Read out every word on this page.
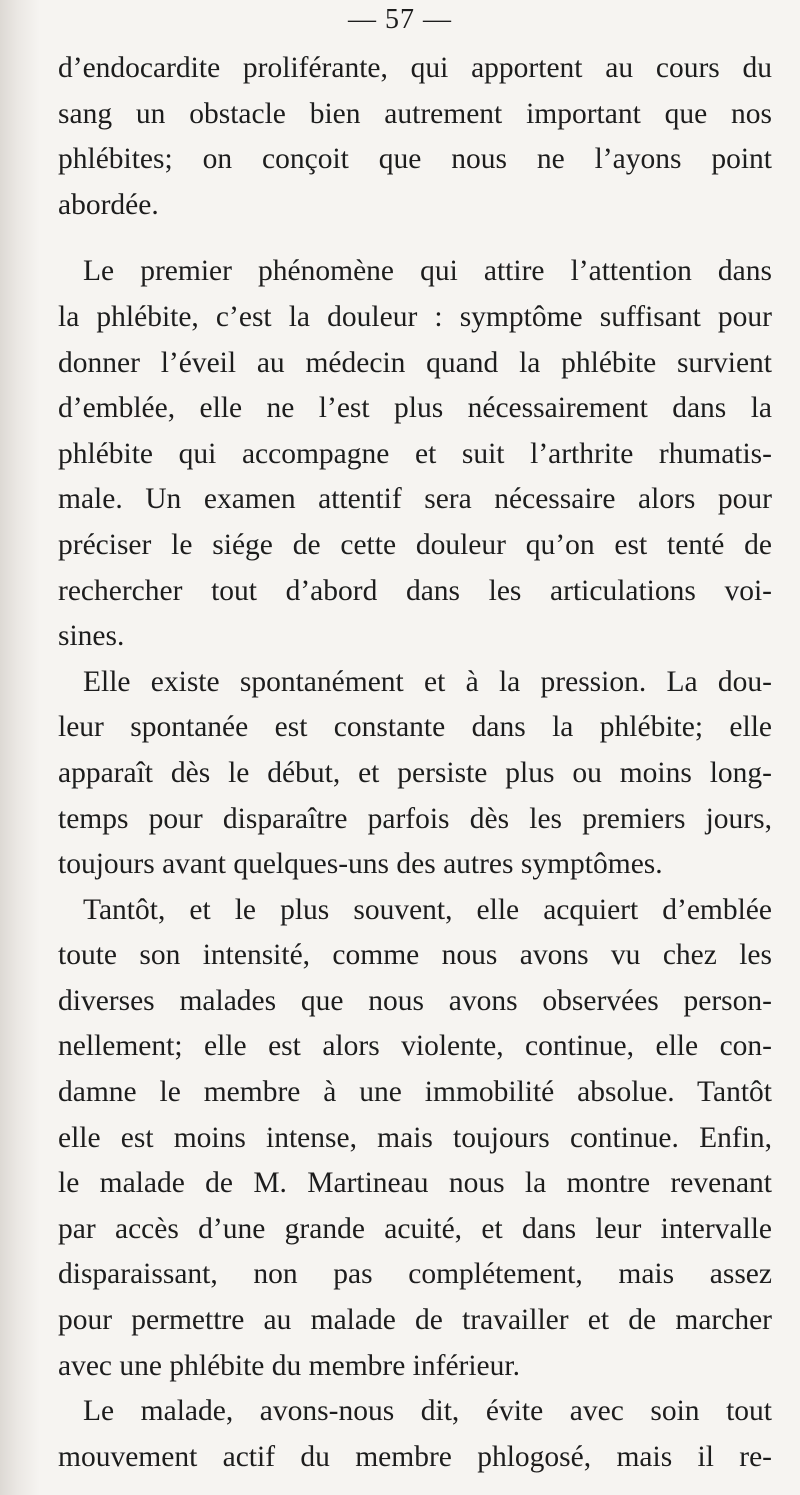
— 57 —

d’endocardite proliférante, qui apportent au cours du
sang un obstacle bien autrement important que nos
phlébites; on conçoit que nous ne l’ayons point
abordée.

Le premier phénomène qui attire l’attention dans
la phlébite, c’est la douleur : symptôme suffisant pour
donner l’éveil au médecin quand la phlébite survient
d’emblée, elle ne l’est plus nécessairement dans la
phlébite qui accompagne et suit l’arthrite rhumatis-
male. Un examen attentif sera nécessaire alors pour
préciser le siége de cette douleur qu’on est tenté de
rechercher tout d’abord dans les articulations voi-
sines.

Elle existe spontanément et à la pression. La dou-
leur spontanée est constante dans la phlébite; elle
apparaît dès le début, et persiste plus ou moins long-
temps pour disparaître parfois dès les premiers jours,
toujours avant quelques-uns des autres symptômes.

Tantôt, et le plus souvent, elle acquiert d’emblée
toute son intensité, comme nous avons vu chez les
diverses malades que nous avons observées person-
nellement; elle est alors violente, continue, elle con-
damne le membre à une immobilité absolue. Tantôt
elle est moins intense, mais toujours continue. Enfin,
le malade de M. Martineau nous la montre revenant
par accès d’une grande acuité, et dans leur intervalle
disparaissant, non pas complétement, mais assez
pour permettre au malade de travailler et de marcher
avec une phlébite du membre inférieur.

Le malade, avons-nous dit, évite avec soin tout
mouvement actif du membre phlogosé, mais il re-
